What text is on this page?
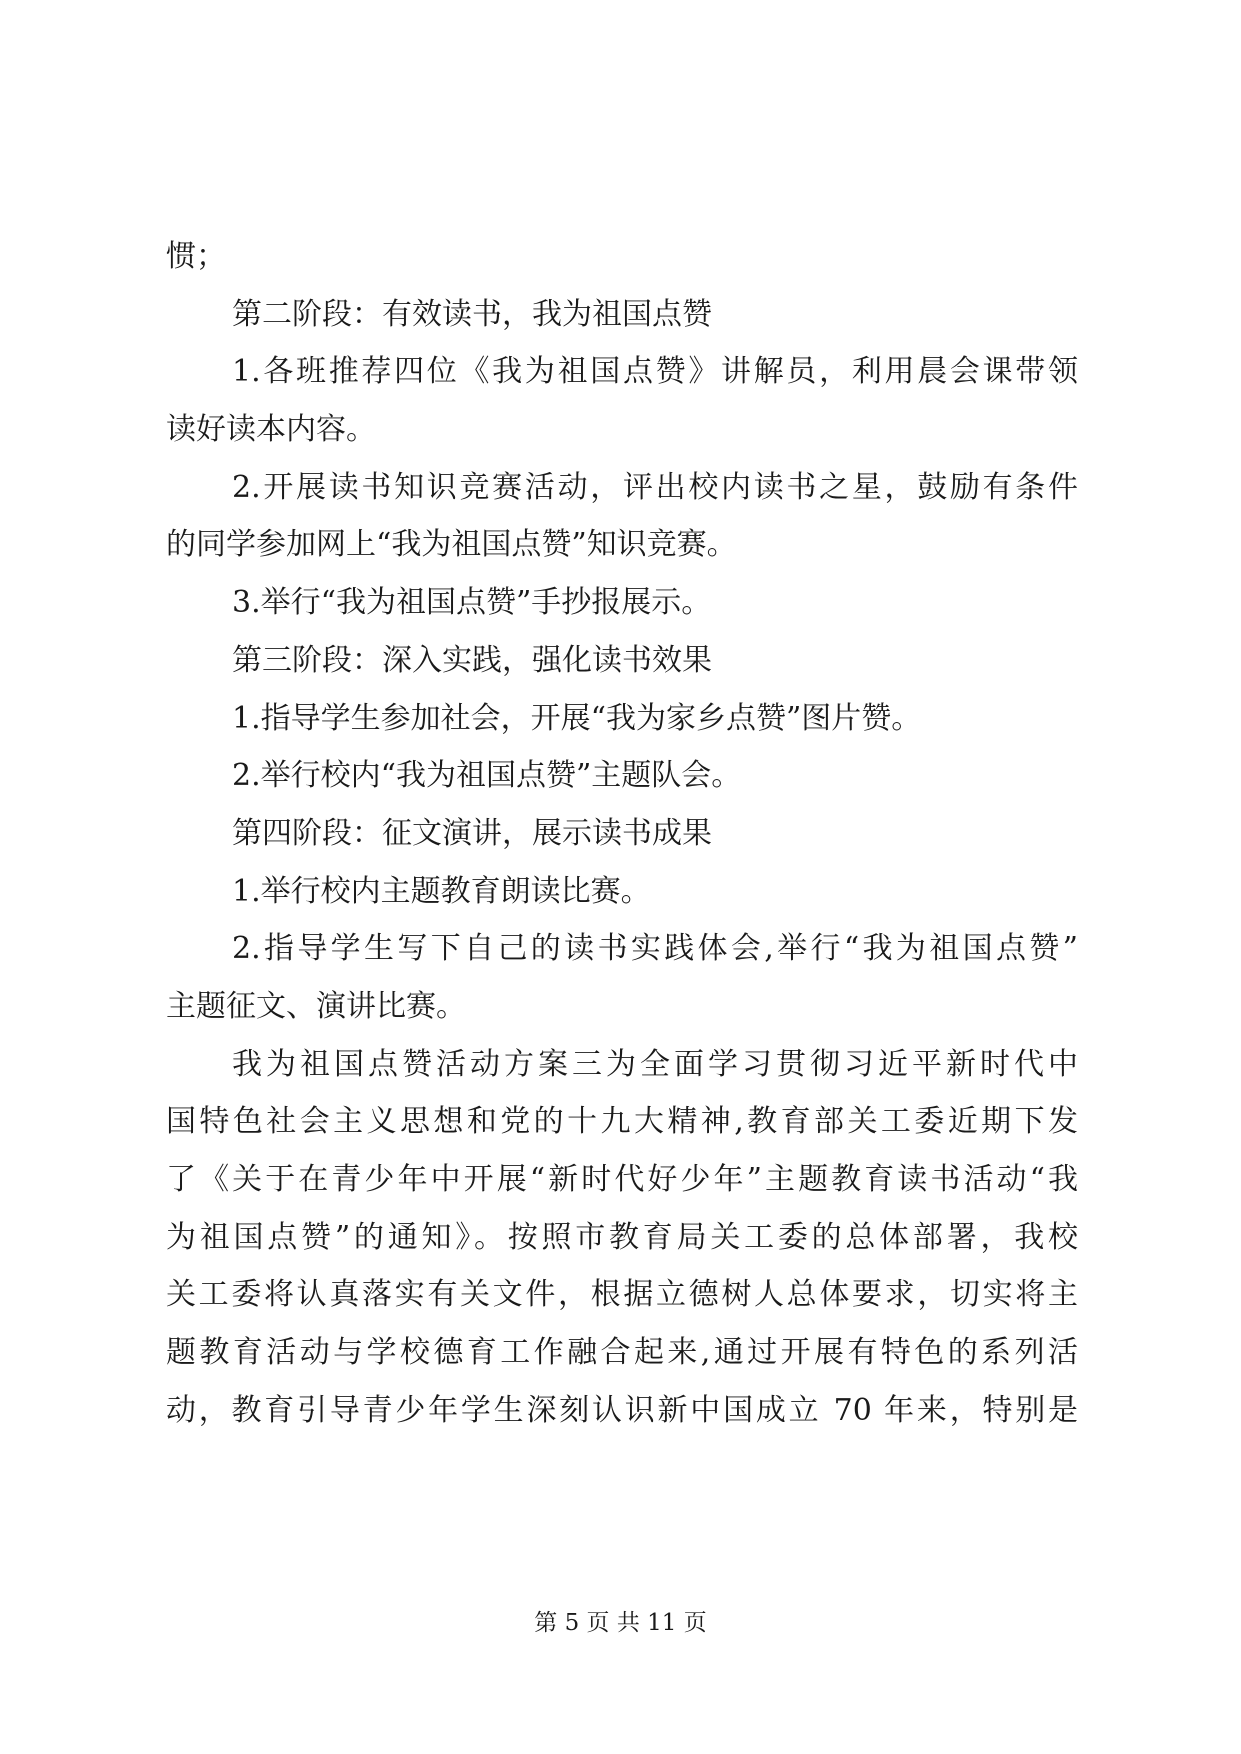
惯；
第二阶段：有效读书，我为祖国点赞
1.各班推荐四位《我为祖国点赞》讲解员，利用晨会课带领
读好读本内容。
2.开展读书知识竞赛活动，评出校内读书之星，鼓励有条件
的同学参加网上“我为祖国点赞”知识竞赛。
3.举行“我为祖国点赞”手抄报展示。
第三阶段：深入实践，强化读书效果
1.指导学生参加社会，开展“我为家乡点赞”图片赞。
2.举行校内“我为祖国点赞”主题队会。
第四阶段：征文演讲，展示读书成果
1.举行校内主题教育朗读比赛。
2.指导学生写下自己的读书实践体会,举行“我为祖国点赞”
主题征文、演讲比赛。
我为祖国点赞活动方案三为全面学习贯彻习近平新时代中
国特色社会主义思想和党的十九大精神,教育部关工委近期下发
了《关于在青少年中开展“新时代好少年”主题教育读书活动“我
为祖国点赞”的通知》。按照市教育局关工委的总体部署，我校
关工委将认真落实有关文件，根据立德树人总体要求，切实将主
题教育活动与学校德育工作融合起来,通过开展有特色的系列活
动，教育引导青少年学生深刻认识新中国成立 70 年来，特别是
第 5 页 共 11 页
